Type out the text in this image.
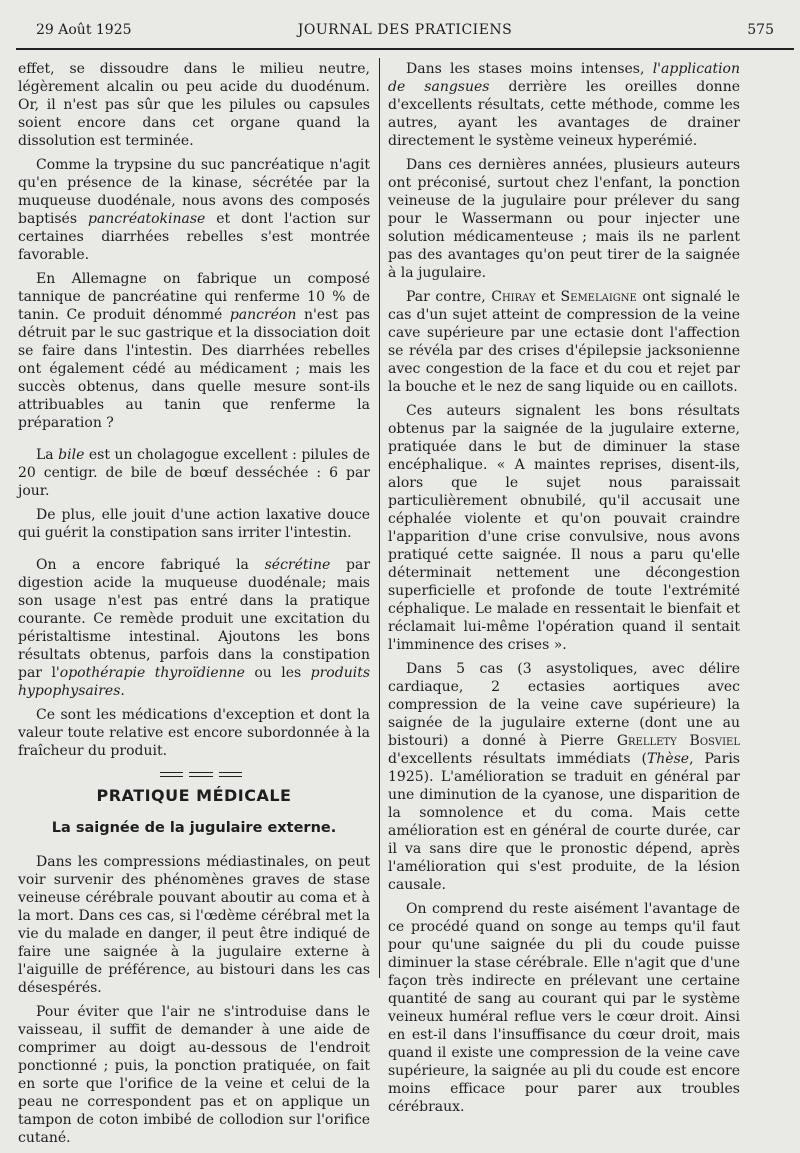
29 Août 1925	JOURNAL DES PRATICIENS	575

effet, se dissoudre dans le milieu neutre, légèrement alcalin ou peu acide du duodénum. Or, il n'est pas sûr que les pilules ou capsules soient encore dans cet organe quand la dissolution est terminée.

Comme la trypsine du suc pancréatique n'agit qu'en présence de la kinase, sécrétée par la muqueuse duodénale, nous avons des composés baptisés pancréatokinase et dont l'action sur certaines diarrhées rebelles s'est montrée favorable.

En Allemagne on fabrique un composé tannique de pancréatine qui renferme 10 % de tanin. Ce produit dénommé pancréon n'est pas détruit par le suc gastrique et la dissociation doit se faire dans l'intestin. Des diarrhées rebelles ont également cédé au médicament ; mais les succès obtenus, dans quelle mesure sont-ils attribuables au tanin que renferme la préparation ?

La bile est un cholagogue excellent : pilules de 20 centigr. de bile de bœuf desséchée : 6 par jour.

De plus, elle jouit d'une action laxative douce qui guérit la constipation sans irriter l'intestin.

On a encore fabriqué la sécrétine par digestion acide la muqueuse duodénale; mais son usage n'est pas entré dans la pratique courante. Ce remède produit une excitation du péristaltisme intestinal. Ajoutons les bons résultats obtenus, parfois dans la constipation par l'opothérapie thyroïdienne ou les produits hypophysaires.

Ce sont les médications d'exception et dont la valeur toute relative est encore subordonnée à la fraîcheur du produit.

PRATIQUE MÉDICALE
La saignée de la jugulaire externe.

Dans les compressions médiastinales, on peut voir survenir des phénomènes graves de stase veineuse cérébrale pouvant aboutir au coma et à la mort. Dans ces cas, si l'œdème cérébral met la vie du malade en danger, il peut être indiqué de faire une saignée à la jugulaire externe à l'aiguille de préférence, au bistouri dans les cas désespérés.

Pour éviter que l'air ne s'introduise dans le vaisseau, il suffit de demander à une aide de comprimer au doigt au-dessous de l'endroit ponctionné ; puis, la ponction pratiquée, on fait en sorte que l'orifice de la veine et celui de la peau ne correspondent pas et on applique un tampon de coton imbibé de collodion sur l'orifice cutané.

Dans les stases moins intenses, l'application de sangsues derrière les oreilles donne d'excellents résultats, cette méthode, comme les autres, ayant les avantages de drainer directement le système veineux hyperémié.

Dans ces dernières années, plusieurs auteurs ont préconisé, surtout chez l'enfant, la ponction veineuse de la jugulaire pour prélever du sang pour le Wassermann ou pour injecter une solution médicamenteuse ; mais ils ne parlent pas des avantages qu'on peut tirer de la saignée à la jugulaire.

Par contre, Chiray et Semelaigne ont signalé le cas d'un sujet atteint de compression de la veine cave supérieure par une ectasie dont l'affection se révéla par des crises d'épilepsie jacksonienne avec congestion de la face et du cou et rejet par la bouche et le nez de sang liquide ou en caillots.

Ces auteurs signalent les bons résultats obtenus par la saignée de la jugulaire externe, pratiquée dans le but de diminuer la stase encéphalique. « A maintes reprises, disent-ils, alors que le sujet nous paraissait particulièrement obnubilé, qu'il accusait une céphalée violente et qu'on pouvait craindre l'apparition d'une crise convulsive, nous avons pratiqué cette saignée. Il nous a paru qu'elle déterminait nettement une décongestion superficielle et profonde de toute l'extrémité céphalique. Le malade en ressentait le bienfait et réclamait lui-même l'opération quand il sentait l'imminence des crises ».

Dans 5 cas (3 asystoliques, avec délire cardiaque, 2 ectasies aortiques avec compression de la veine cave supérieure) la saignée de la jugulaire externe (dont une au bistouri) a donné à Pierre Grellety Bosviel d'excellents résultats immédiats (Thèse, Paris 1925). L'amélioration se traduit en général par une diminution de la cyanose, une disparition de la somnolence et du coma. Mais cette amélioration est en général de courte durée, car il va sans dire que le pronostic dépend, après l'amélioration qui s'est produite, de la lésion causale.

On comprend du reste aisément l'avantage de ce procédé quand on songe au temps qu'il faut pour qu'une saignée du pli du coude puisse diminuer la stase cérébrale. Elle n'agit que d'une façon très indirecte en prélevant une certaine quantité de sang au courant qui par le système veineux huméral reflue vers le cœur droit. Ainsi en est-il dans l'insuffisance du cœur droit, mais quand il existe une compression de la veine cave supérieure, la saignée au pli du coude est encore moins efficace pour parer aux troubles cérébraux.
